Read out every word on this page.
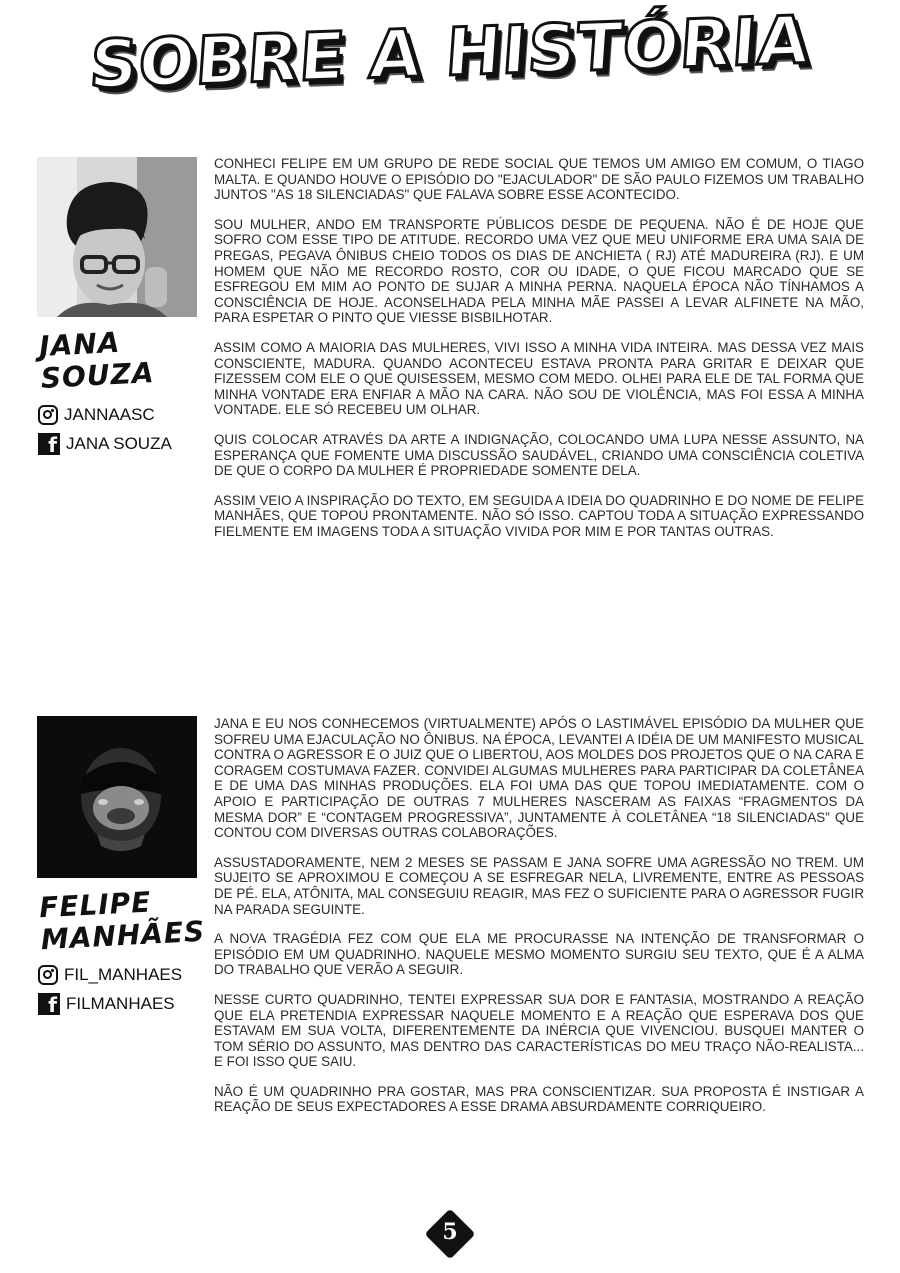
SOBRE A HISTÓRIA
JANA
SOUZA
JANNAASC
f JANA SOUZA

CONHECI FELIPE EM UM GRUPO DE REDE SOCIAL QUE TEMOS UM AMIGO EM COMUM, O TIAGO MALTA. E QUANDO HOUVE O EPISÓDIO DO "EJACULADOR" DE SÃO PAULO FIZEMOS UM TRABALHO JUNTOS "AS 18 SILENCIADAS" QUE FALAVA SOBRE ESSE ACONTECIDO.

SOU MULHER, ANDO EM TRANSPORTE PÚBLICOS DESDE DE PEQUENA. NÃO É DE HOJE QUE SOFRO COM ESSE TIPO DE ATITUDE. RECORDO UMA VEZ QUE MEU UNIFORME ERA UMA SAIA DE PREGAS, PEGAVA ÔNIBUS CHEIO TODOS OS DIAS DE ANCHIETA ( RJ) ATÉ MADUREIRA (RJ). E UM HOMEM QUE NÃO ME RECORDO ROSTO, COR OU IDADE, O QUE FICOU MARCADO QUE SE ESFREGOU EM MIM AO PONTO DE SUJAR A MINHA PERNA. NAQUELA ÉPOCA NÃO TÍNHAMOS A CONSCIÊNCIA DE HOJE. ACONSELHADA PELA MINHA MÃE PASSEI A LEVAR ALFINETE NA MÃO, PARA ESPETAR O PINTO QUE VIESSE BISBILHOTAR.

ASSIM COMO A MAIORIA DAS MULHERES, VIVI ISSO A MINHA VIDA INTEIRA. MAS DESSA VEZ MAIS CONSCIENTE, MADURA. QUANDO ACONTECEU ESTAVA PRONTA PARA GRITAR E DEIXAR QUE FIZESSEM COM ELE O QUE QUISESSEM, MESMO COM MEDO. OLHEI PARA ELE DE TAL FORMA QUE MINHA VONTADE ERA ENFIAR A MÃO NA CARA. NÃO SOU DE VIOLÊNCIA, MAS FOI ESSA A MINHA VONTADE. ELE SÓ RECEBEU UM OLHAR.

QUIS COLOCAR ATRAVÉS DA ARTE A INDIGNAÇÃO, COLOCANDO UMA LUPA NESSE ASSUNTO, NA ESPERANÇA QUE FOMENTE UMA DISCUSSÃO SAUDÁVEL, CRIANDO UMA CONSCIÊNCIA COLETIVA DE QUE O CORPO DA MULHER É PROPRIEDADE SOMENTE DELA.

ASSIM VEIO A INSPIRAÇÃO DO TEXTO, EM SEGUIDA A IDEIA DO QUADRINHO E DO NOME DE FELIPE MANHÃES, QUE TOPOU PRONTAMENTE. NÃO SÓ ISSO. CAPTOU TODA A SITUAÇÃO EXPRESSANDO FIELMENTE EM IMAGENS TODA A SITUAÇÃO VIVIDA POR MIM E POR TANTAS OUTRAS.

FELIPE
MANHÃES
FIL_MANHAES
f FILMANHAES

JANA E EU NOS CONHECEMOS (VIRTUALMENTE) APÓS O LASTIMÁVEL EPISÓDIO DA MULHER QUE SOFREU UMA EJACULAÇÃO NO ÔNIBUS. NA ÉPOCA, LEVANTEI A IDÉIA DE UM MANIFESTO MUSICAL CONTRA O AGRESSOR E O JUIZ QUE O LIBERTOU, AOS MOLDES DOS PROJETOS QUE O NA CARA E CORAGEM COSTUMAVA FAZER. CONVIDEI ALGUMAS MULHERES PARA PARTICIPAR DA COLETÂNEA E DE UMA DAS MINHAS PRODUÇÕES. ELA FOI UMA DAS QUE TOPOU IMEDIATAMENTE. COM O APOIO E PARTICIPAÇÃO DE OUTRAS 7 MULHERES NASCERAM AS FAIXAS “FRAGMENTOS DA MESMA DOR” E “CONTAGEM PROGRESSIVA”, JUNTAMENTE À COLETÂNEA “18 SILENCIADAS” QUE CONTOU COM DIVERSAS OUTRAS COLABORAÇÕES.

ASSUSTADORAMENTE, NEM 2 MESES SE PASSAM E JANA SOFRE UMA AGRESSÃO NO TREM. UM SUJEITO SE APROXIMOU E COMEÇOU A SE ESFREGAR NELA, LIVREMENTE, ENTRE AS PESSOAS DE PÉ. ELA, ATÔNITA, MAL CONSEGUIU REAGIR, MAS FEZ O SUFICIENTE PARA O AGRESSOR FUGIR NA PARADA SEGUINTE.

A NOVA TRAGÉDIA FEZ COM QUE ELA ME PROCURASSE NA INTENÇÃO DE TRANSFORMAR O EPISÓDIO EM UM QUADRINHO. NAQUELE MESMO MOMENTO SURGIU SEU TEXTO, QUE É A ALMA DO TRABALHO QUE VERÃO A SEGUIR.

NESSE CURTO QUADRINHO, TENTEI EXPRESSAR SUA DOR E FANTASIA, MOSTRANDO A REAÇÃO QUE ELA PRETENDIA EXPRESSAR NAQUELE MOMENTO E A REAÇÃO QUE ESPERAVA DOS QUE ESTAVAM EM SUA VOLTA, DIFERENTEMENTE DA INÉRCIA QUE VIVENCIOU. BUSQUEI MANTER O TOM SÉRIO DO ASSUNTO, MAS DENTRO DAS CARACTERÍSTICAS DO MEU TRAÇO NÃO-REALISTA... E FOI ISSO QUE SAIU.

NÃO É UM QUADRINHO PRA GOSTAR, MAS PRA CONSCIENTIZAR. SUA PROPOSTA É INSTIGAR A REAÇÃO DE SEUS EXPECTADORES A ESSE DRAMA ABSURDAMENTE CORRIQUEIRO.

5
